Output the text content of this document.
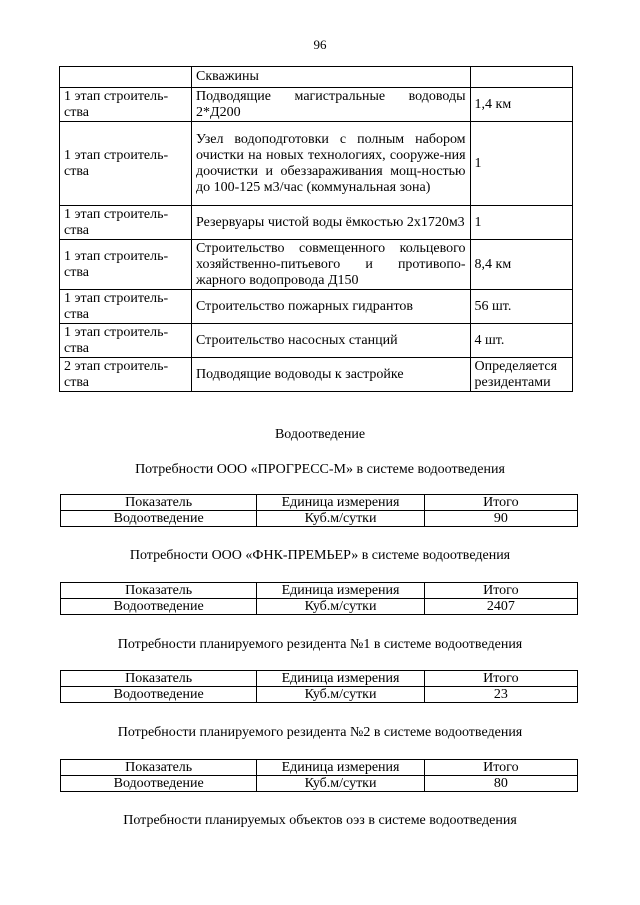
96
	Скважины	
1 этап строитель-ства	Подводящие магистральные водоводы 2*Д200	1,4 км
1 этап строитель-ства	Узел водоподготовки с полным набором очистки на новых технологиях, сооруже-ния доочистки и обеззараживания мощ-ностью до 100-125 м3/час (коммунальная зона)	1
1 этап строитель-ства	Резервуары чистой воды ёмкостью 2х1720м3	1
1 этап строитель-ства	Строительство совмещенного кольцевого хозяйственно-питьевого и противопо-жарного водопровода Д150	8,4 км
1 этап строитель-ства	Строительство пожарных гидрантов	56 шт.
1 этап строитель-ства	Строительство насосных станций	4 шт.
2 этап строитель-ства	Подводящие водоводы к застройке	Определяется резидентами
Водоотведение
Потребности ООО «ПРОГРЕСС-М» в системе водоотведения
Показатель	Единица измерения	Итого
Водоотведение	Куб.м/сутки	90
Потребности ООО «ФНК-ПРЕМЬЕР» в системе водоотведения
Показатель	Единица измерения	Итого
Водоотведение	Куб.м/сутки	2407
Потребности планируемого резидента №1 в системе водоотведения
Показатель	Единица измерения	Итого
Водоотведение	Куб.м/сутки	23
Потребности планируемого резидента №2 в системе водоотведения
Показатель	Единица измерения	Итого
Водоотведение	Куб.м/сутки	80
Потребности планируемых объектов оэз в системе водоотведения
